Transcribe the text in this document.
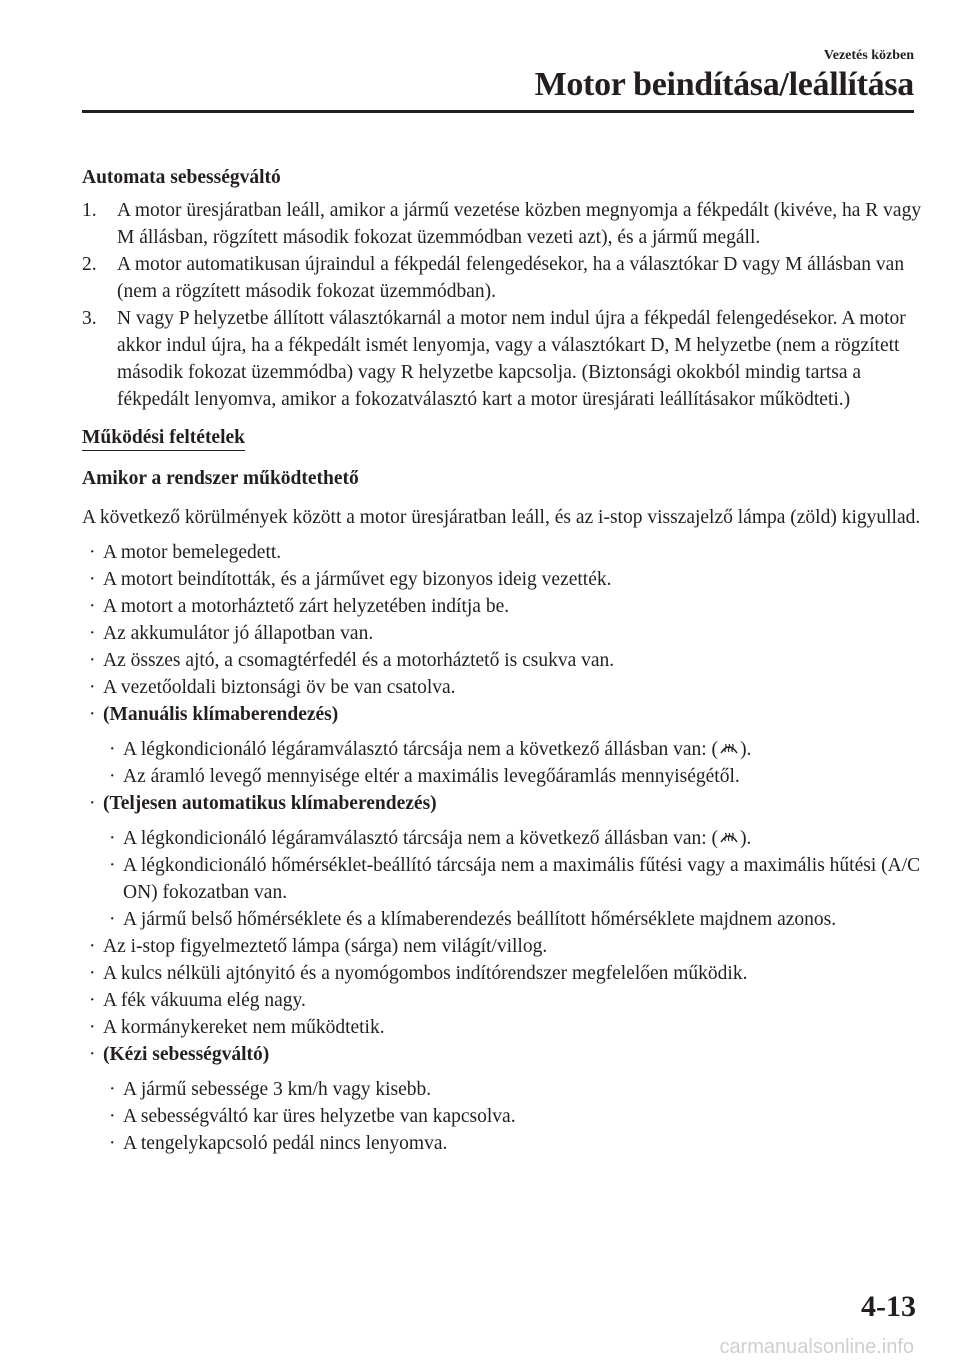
Vezetés közben
Motor beindítása/leállítása
Automata sebességváltó
1. A motor üresjáratban leáll, amikor a jármű vezetése közben megnyomja a fékpedált (kivéve, ha R vagy M állásban, rögzített második fokozat üzemmódban vezeti azt), és a jármű megáll.
2. A motor automatikusan újraindul a fékpedál felengedésekor, ha a választókar D vagy M állásban van (nem a rögzített második fokozat üzemmódban).
3. N vagy P helyzetbe állított választókarnál a motor nem indul újra a fékpedál felengedésekor. A motor akkor indul újra, ha a fékpedált ismét lenyomja, vagy a választókart D, M helyzetbe (nem a rögzített második fokozat üzemmódba) vagy R helyzetbe kapcsolja. (Biztonsági okokból mindig tartsa a fékpedált lenyomva, amikor a fokozatválasztó kart a motor üresjárati leállításakor működteti.)
Működési feltételek
Amikor a rendszer működtethető

A következő körülmények között a motor üresjáratban leáll, és az i-stop visszajelző lámpa (zöld) kigyullad.

· A motor bemelegedett.
· A motort beindították, és a járművet egy bizonyos ideig vezették.
· A motort a motorháztető zárt helyzetében indítja be.
· Az akkumulátor jó állapotban van.
· Az összes ajtó, a csomagtérfedél és a motorháztető is csukva van.
· A vezetőoldali biztonsági öv be van csatolva.
· (Manuális klímaberendezés)
· A légkondicionáló légáramválasztó tárcsája nem a következő állásban van: ( ).
· Az áramló levegő mennyisége eltér a maximális levegőáramlás mennyiségétől.
· (Teljesen automatikus klímaberendezés)
· A légkondicionáló légáramválasztó tárcsája nem a következő állásban van: ( ).
· A légkondicionáló hőmérséklet-beállító tárcsája nem a maximális fűtési vagy a maximális hűtési (A/C ON) fokozatban van.
· A jármű belső hőmérséklete és a klímaberendezés beállított hőmérséklete majdnem azonos.
· Az i-stop figyelmeztető lámpa (sárga) nem világít/villog.
· A kulcs nélküli ajtónyitó és a nyomógombos indítórendszer megfelelően működik.
· A fék vákuuma elég nagy.
· A kormánykereket nem működtetik.
· (Kézi sebességváltó)
· A jármű sebessége 3 km/h vagy kisebb.
· A sebességváltó kar üres helyzetbe van kapcsolva.
· A tengelykapcsoló pedál nincs lenyomva.
4-13
carmanualsonline.info
